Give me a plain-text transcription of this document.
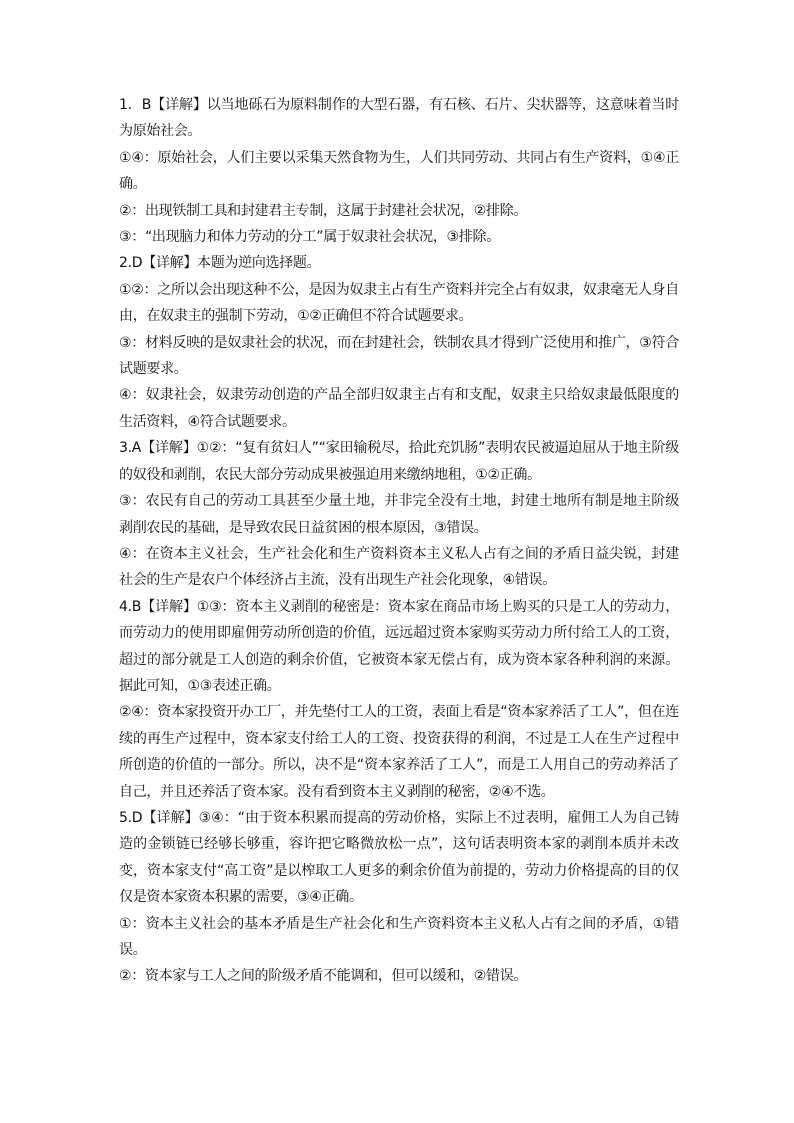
1．B【详解】以当地砾石为原料制作的大型石器，有石核、石片、尖状器等，这意味着当时为原始社会。

①④：原始社会，人们主要以采集天然食物为生，人们共同劳动、共同占有生产资料，①④正确。

②：出现铁制工具和封建君主专制，这属于封建社会状况，②排除。

③：“出现脑力和体力劳动的分工”属于奴隶社会状况，③排除。

2.D【详解】本题为逆向选择题。

①②：之所以会出现这种不公，是因为奴隶主占有生产资料并完全占有奴隶，奴隶毫无人身自由，在奴隶主的强制下劳动，①②正确但不符合试题要求。

③：材料反映的是奴隶社会的状况，而在封建社会，铁制农具才得到广泛使用和推广，③符合试题要求。

④：奴隶社会，奴隶劳动创造的产品全部归奴隶主占有和支配，奴隶主只给奴隶最低限度的生活资料，④符合试题要求。

3.A【详解】①②：“复有贫妇人”“家田输税尽，拾此充饥肠”表明农民被逼迫屈从于地主阶级的奴役和剥削，农民大部分劳动成果被强迫用来缴纳地租，①②正确。

③：农民有自己的劳动工具甚至少量土地，并非完全没有土地，封建土地所有制是地主阶级剥削农民的基础，是导致农民日益贫困的根本原因，③错误。

④：在资本主义社会，生产社会化和生产资料资本主义私人占有之间的矛盾日益尖锐，封建社会的生产是农户个体经济占主流，没有出现生产社会化现象，④错误。

4.B【详解】①③：资本主义剥削的秘密是：资本家在商品市场上购买的只是工人的劳动力，而劳动力的使用即雇佣劳动所创造的价值，远远超过资本家购买劳动力所付给工人的工资，超过的部分就是工人创造的剩余价值，它被资本家无偿占有，成为资本家各种利润的来源。据此可知，①③表述正确。

②④：资本家投资开办工厂，并先垫付工人的工资，表面上看是“资本家养活了工人”，但在连续的再生产过程中，资本家支付给工人的工资、投资获得的利润，不过是工人在生产过程中所创造的价值的一部分。所以，决不是“资本家养活了工人”，而是工人用自己的劳动养活了自己，并且还养活了资本家。没有看到资本主义剥削的秘密，②④不选。

5.D【详解】③④：“由于资本积累而提高的劳动价格，实际上不过表明，雇佣工人为自己铸造的金锁链已经够长够重，容许把它略微放松一点”，这句话表明资本家的剥削本质并未改变，资本家支付“高工资”是以榨取工人更多的剩余价值为前提的，劳动力价格提高的目的仅仅是资本家资本积累的需要，③④正确。

①：资本主义社会的基本矛盾是生产社会化和生产资料资本主义私人占有之间的矛盾，①错误。

②：资本家与工人之间的阶级矛盾不能调和，但可以缓和，②错误。
